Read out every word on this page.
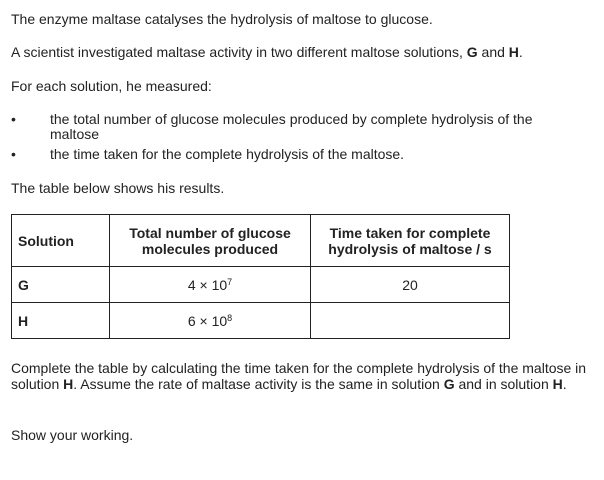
The enzyme maltase catalyses the hydrolysis of maltose to glucose.

A scientist investigated maltase activity in two different maltose solutions, G and H.

For each solution, he measured:

•	the total number of glucose molecules produced by complete hydrolysis of the maltose
•	the time taken for the complete hydrolysis of the maltose.

The table below shows his results.

Solution	Total number of glucose molecules produced	Time taken for complete hydrolysis of maltose / s
G	$4 \times 10^7$	20
H	$6 \times 10^8$	

Complete the table by calculating the time taken for the complete hydrolysis of the maltose in solution H. Assume the rate of maltase activity is the same in solution G and in solution H.

Show your working.
